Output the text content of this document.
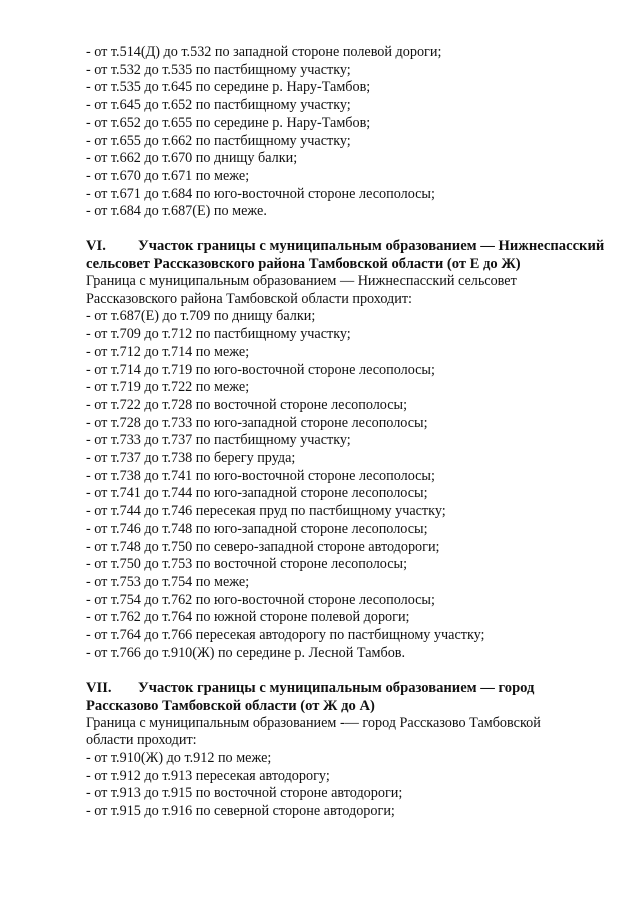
- от т.514(Д) до т.532 по западной стороне полевой дороги;
- от т.532 до т.535 по пастбищному участку;
- от т.535 до т.645 по середине р. Нару-Тамбов;
- от т.645 до т.652 по пастбищному участку;
- от т.652 до т.655 по середине р. Нару-Тамбов;
- от т.655 до т.662 по пастбищному участку;
- от т.662 до т.670 по днищу балки;
- от т.670 до т.671 по меже;
- от т.671 до т.684 по юго-восточной стороне лесополосы;
- от т.684 до т.687(Е) по меже.
VI. Участок границы с муниципальным образованием — Нижнеспасский
сельсовет Рассказовского района Тамбовской области (от Е до Ж)
Граница с муниципальным образованием — Нижнеспасский сельсовет
Рассказовского района Тамбовской области проходит:
- от т.687(Е) до т.709 по днищу балки;
- от т.709 до т.712 по пастбищному участку;
- от т.712 до т.714 по меже;
- от т.714 до т.719 по юго-восточной стороне лесополосы;
- от т.719 до т.722 по меже;
- от т.722 до т.728 по восточной стороне лесополосы;
- от т.728 до т.733 по юго-западной стороне лесополосы;
- от т.733 до т.737 по пастбищному участку;
- от т.737 до т.738 по берегу пруда;
- от т.738 до т.741 по юго-восточной стороне лесополосы;
- от т.741 до т.744 по юго-западной стороне лесополосы;
- от т.744 до т.746 пересекая пруд по пастбищному участку;
- от т.746 до т.748 по юго-западной стороне лесополосы;
- от т.748 до т.750 по северо-западной стороне автодороги;
- от т.750 до т.753 по восточной стороне лесополосы;
- от т.753 до т.754 по меже;
- от т.754 до т.762 по юго-восточной стороне лесополосы;
- от т.762 до т.764 по южной стороне полевой дороги;
- от т.764 до т.766 пересекая автодорогу по пастбищному участку;
- от т.766 до т.910(Ж) по середине р. Лесной Тамбов.
VII. Участок границы с муниципальным образованием — город
Рассказово Тамбовской области (от Ж до А)
Граница с муниципальным образованием -— город Рассказово Тамбовской
области проходит:
- от т.910(Ж) до т.912 по меже;
- от т.912 до т.913 пересекая автодорогу;
- от т.913 до т.915 по восточной стороне автодороги;
- от т.915 до т.916 по северной стороне автодороги;
